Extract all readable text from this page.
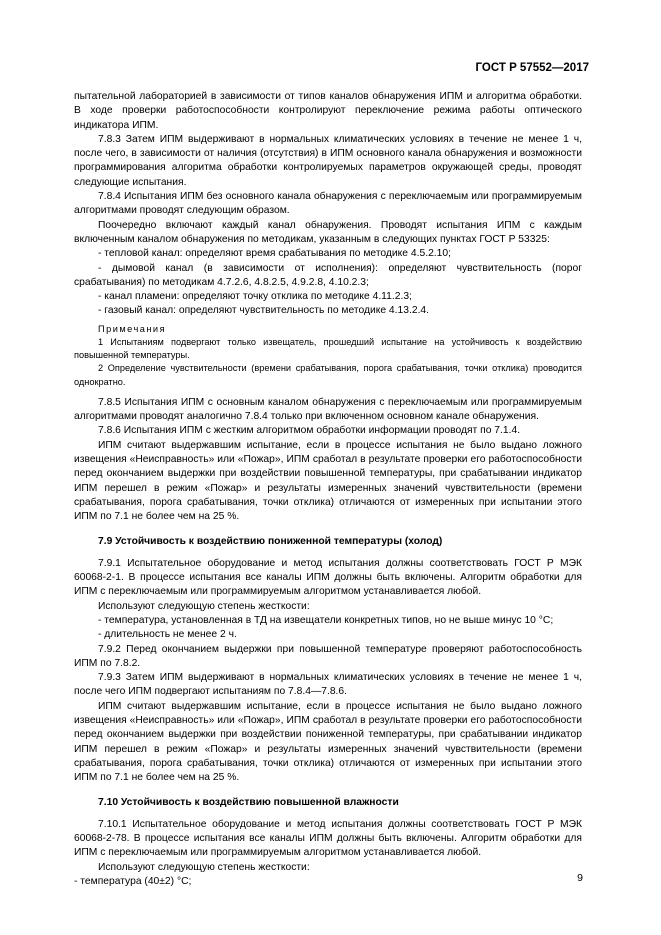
ГОСТ Р 57552—2017

пытательной лабораторией в зависимости от типов каналов обнаружения ИПМ и алгоритма обработки. В ходе проверки работоспособности контролируют переключение режима работы оптического индикатора ИПМ.

7.8.3 Затем ИПМ выдерживают в нормальных климатических условиях в течение не менее 1 ч, после чего, в зависимости от наличия (отсутствия) в ИПМ основного канала обнаружения и возможности программирования алгоритма обработки контролируемых параметров окружающей среды, проводят следующие испытания.

7.8.4 Испытания ИПМ без основного канала обнаружения с переключаемым или программируемым алгоритмами проводят следующим образом.

Поочередно включают каждый канал обнаружения. Проводят испытания ИПМ с каждым включенным каналом обнаружения по методикам, указанным в следующих пунктах ГОСТ Р 53325:

- тепловой канал: определяют время срабатывания по методике 4.5.2.10;

- дымовой канал (в зависимости от исполнения): определяют чувствительность (порог срабатывания) по методикам 4.7.2.6, 4.8.2.5, 4.9.2.8, 4.10.2.3;

- канал пламени: определяют точку отклика по методике 4.11.2.3;

- газовый канал: определяют чувствительность по методике 4.13.2.4.

Примечания

1 Испытаниям подвергают только извещатель, прошедший испытание на устойчивость к воздействию повышенной температуры.

2 Определение чувствительности (времени срабатывания, порога срабатывания, точки отклика) проводится однократно.

7.8.5 Испытания ИПМ с основным каналом обнаружения с переключаемым или программируемым алгоритмами проводят аналогично 7.8.4 только при включенном основном канале обнаружения.

7.8.6 Испытания ИПМ с жестким алгоритмом обработки информации проводят по 7.1.4.

ИПМ считают выдержавшим испытание, если в процессе испытания не было выдано ложного извещения «Неисправность» или «Пожар», ИПМ сработал в результате проверки его работоспособности перед окончанием выдержки при воздействии повышенной температуры, при срабатывании индикатор ИПМ перешел в режим «Пожар» и результаты измеренных значений чувствительности (времени срабатывания, порога срабатывания, точки отклика) отличаются от измеренных при испытании этого ИПМ по 7.1 не более чем на 25 %.

7.9 Устойчивость к воздействию пониженной температуры (холод)

7.9.1 Испытательное оборудование и метод испытания должны соответствовать ГОСТ Р МЭК 60068-2-1. В процессе испытания все каналы ИПМ должны быть включены. Алгоритм обработки для ИПМ с переключаемым или программируемым алгоритмом устанавливается любой.

Используют следующую степень жесткости:

- температура, установленная в ТД на извещатели конкретных типов, но не выше минус 10 °С;

- длительность не менее 2 ч.

7.9.2 Перед окончанием выдержки при повышенной температуре проверяют работоспособность ИПМ по 7.8.2.

7.9.3 Затем ИПМ выдерживают в нормальных климатических условиях в течение не менее 1 ч, после чего ИПМ подвергают испытаниям по 7.8.4—7.8.6.

ИПМ считают выдержавшим испытание, если в процессе испытания не было выдано ложного извещения «Неисправность» или «Пожар», ИПМ сработал в результате проверки его работоспособности перед окончанием выдержки при воздействии пониженной температуры, при срабатывании индикатор ИПМ перешел в режим «Пожар» и результаты измеренных значений чувствительности (времени срабатывания, порога срабатывания, точки отклика) отличаются от измеренных при испытании этого ИПМ по 7.1 не более чем на 25 %.

7.10 Устойчивость к воздействию повышенной влажности

7.10.1 Испытательное оборудование и метод испытания должны соответствовать ГОСТ Р МЭК 60068-2-78. В процессе испытания все каналы ИПМ должны быть включены. Алгоритм обработки для ИПМ с переключаемым или программируемым алгоритмом устанавливается любой.

Используют следующую степень жесткости:

- температура (40±2) °С;	9
